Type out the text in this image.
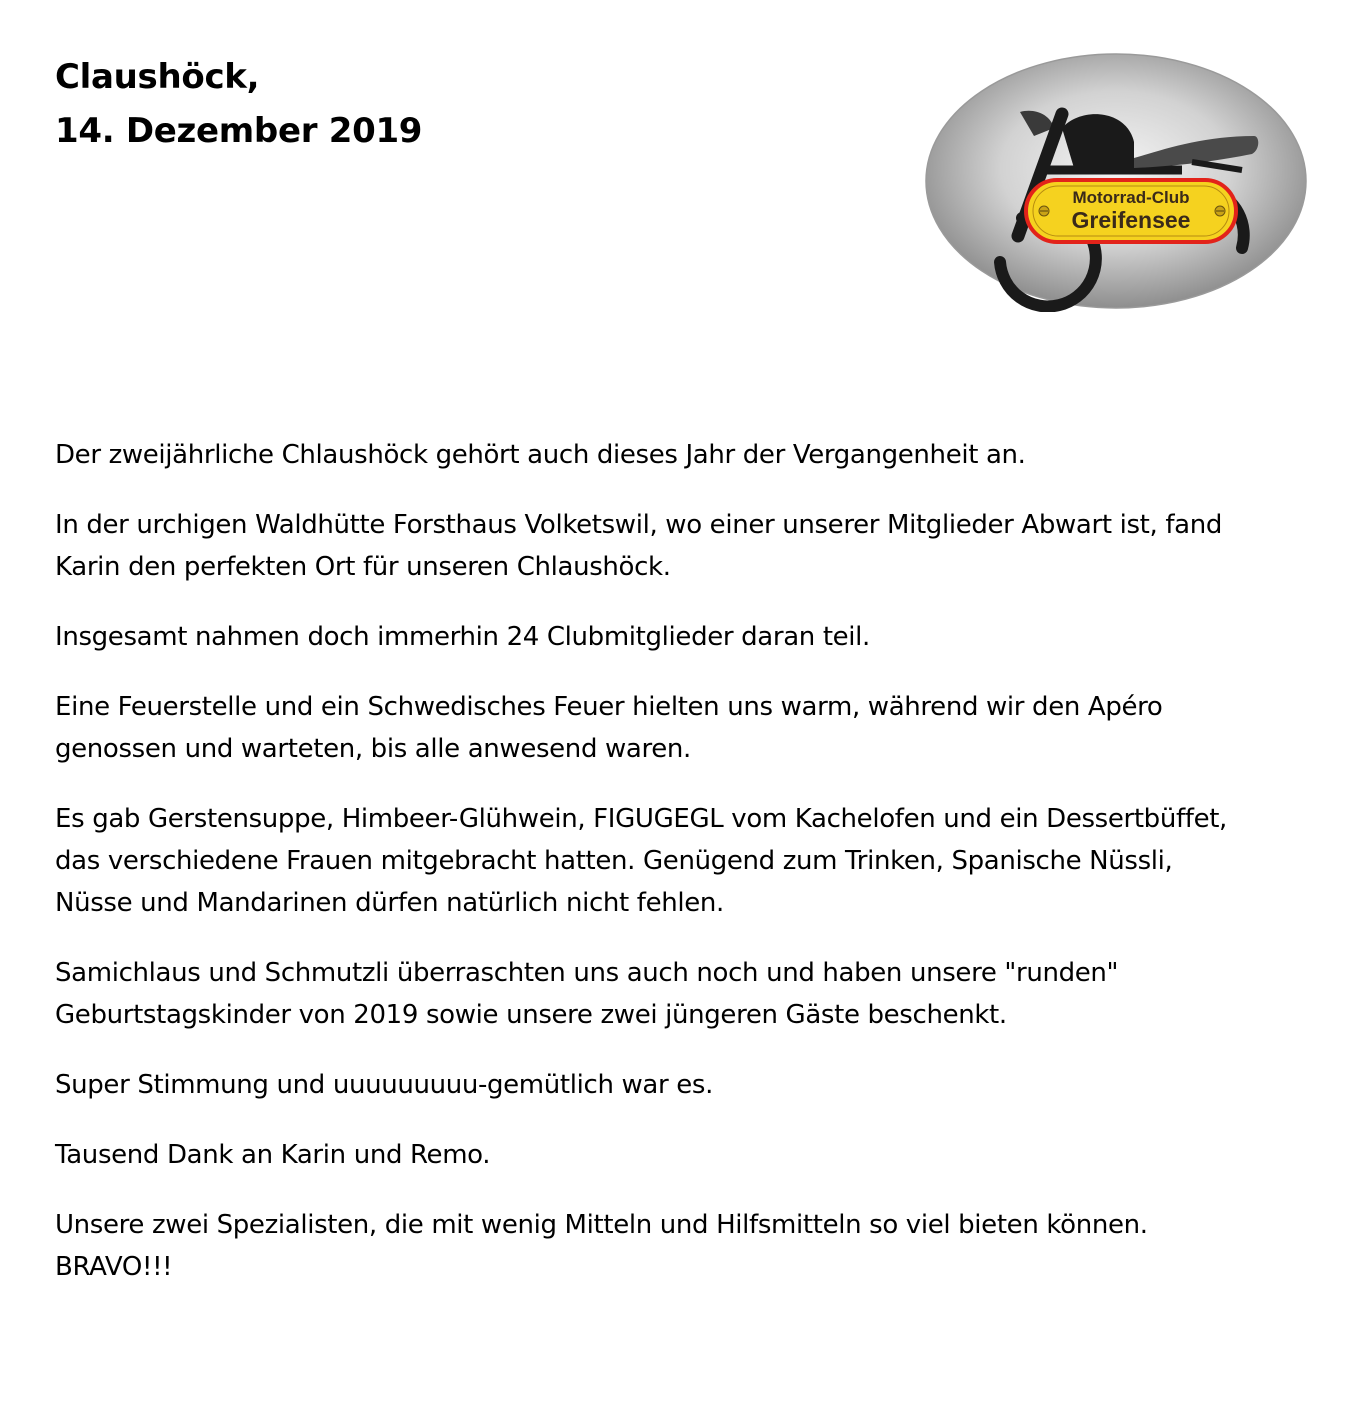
Claushöck,
14. Dezember 2019
Motorrad-Club
Greifensee

Der zweijährliche Chlaushöck gehört auch dieses Jahr der Vergangenheit an.

In der urchigen Waldhütte Forsthaus Volketswil, wo einer unserer Mitglieder Abwart ist, fand
Karin den perfekten Ort für unseren Chlaushöck.

Insgesamt nahmen doch immerhin 24 Clubmitglieder daran teil.

Eine Feuerstelle und ein Schwedisches Feuer hielten uns warm, während wir den Apéro
genossen und warteten, bis alle anwesend waren.

Es gab Gerstensuppe, Himbeer-Glühwein, FIGUGEGL vom Kachelofen und ein Dessertbüffet,
das verschiedene Frauen mitgebracht hatten. Genügend zum Trinken, Spanische Nüssli,
Nüsse und Mandarinen dürfen natürlich nicht fehlen.

Samichlaus und Schmutzli überraschten uns auch noch und haben unsere "runden"
Geburtstagskinder von 2019 sowie unsere zwei jüngeren Gäste beschenkt.

Super Stimmung und uuuuuuuuu-gemütlich war es.

Tausend Dank an Karin und Remo.

Unsere zwei Spezialisten, die mit wenig Mitteln und Hilfsmitteln so viel bieten können.
BRAVO!!!
